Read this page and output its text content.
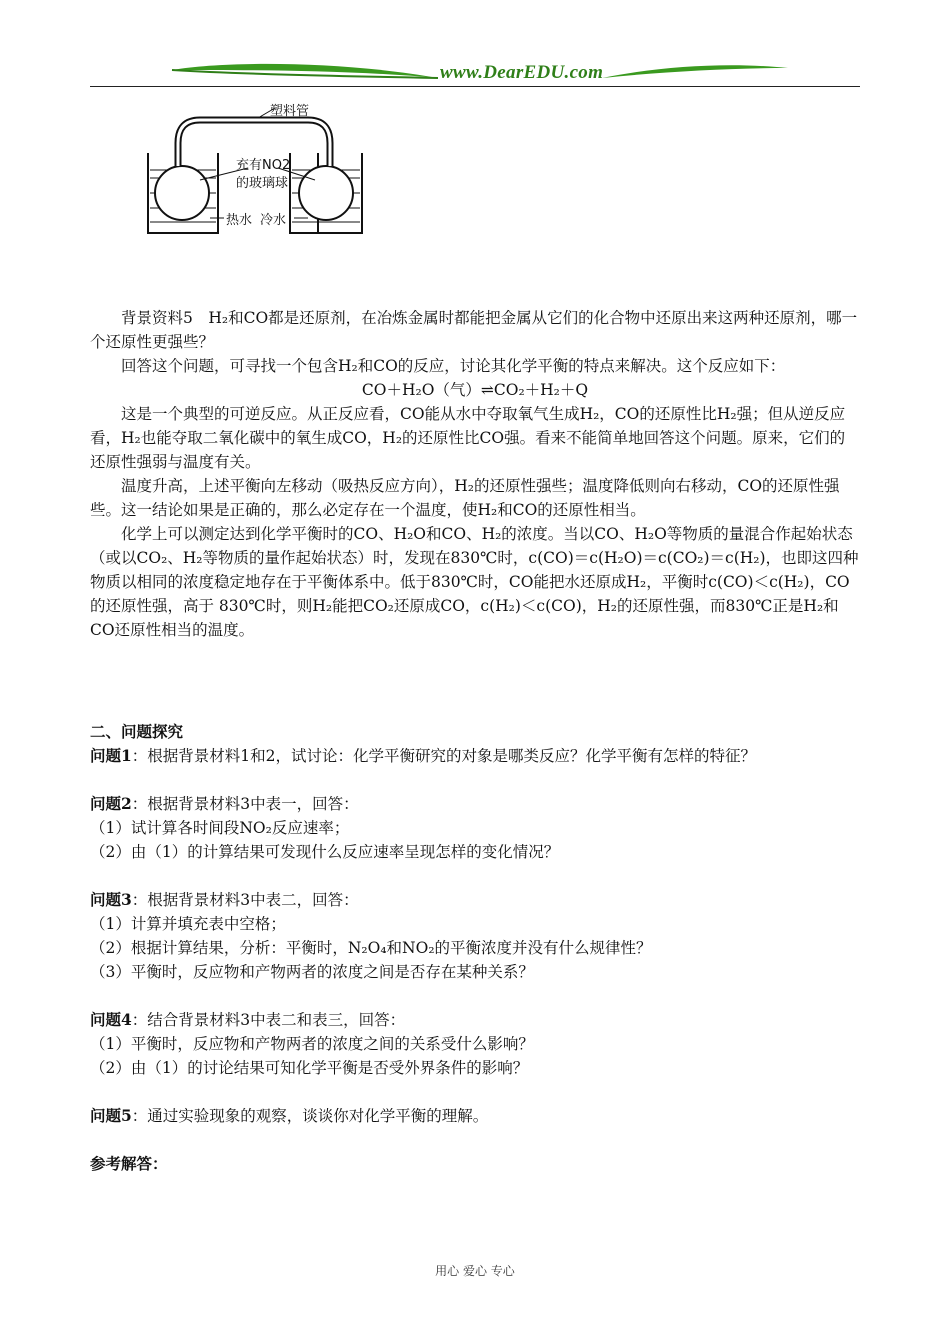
www.DearEDU.com
塑料管
充有NO2
的玻璃球
热水 冷水

背景资料5　H₂和CO都是还原剂，在冶炼金属时都能把金属从它们的化合物中还原出来这两种还原剂，哪一个还原性更强些？

回答这个问题，可寻找一个包含H₂和CO的反应，讨论其化学平衡的特点来解决。这个反应如下：

CO＋H₂O（气）⇌CO₂＋H₂＋Q

这是一个典型的可逆反应。从正反应看，CO能从水中夺取氧气生成H₂，CO的还原性比H₂强；但从逆反应看，H₂也能夺取二氧化碳中的氧生成CO，H₂的还原性比CO强。看来不能简单地回答这个问题。原来，它们的还原性强弱与温度有关。

温度升高，上述平衡向左移动（吸热反应方向），H₂的还原性强些；温度降低则向右移动，CO的还原性强些。这一结论如果是正确的，那么必定存在一个温度，使H₂和CO的还原性相当。

化学上可以测定达到化学平衡时的CO、H₂O和CO、H₂的浓度。当以CO、H₂O等物质的量混合作起始状态（或以CO₂、H₂等物质的量作起始状态）时，发现在830℃时，c(CO)＝c(H₂O)＝c(CO₂)＝c(H₂)，也即这四种物质以相同的浓度稳定地存在于平衡体系中。低于830℃时，CO能把水还原成H₂，平衡时c(CO)＜c(H₂)，CO的还原性强，高于 830℃时，则H₂能把CO₂还原成CO，c(H₂)＜c(CO)，H₂的还原性强，而830℃正是H₂和CO还原性相当的温度。

二、问题探究

问题1：根据背景材料1和2，试讨论：化学平衡研究的对象是哪类反应？化学平衡有怎样的特征？

问题2：根据背景材料3中表一，回答：

（1）试计算各时间段NO₂反应速率；

（2）由（1）的计算结果可发现什么反应速率呈现怎样的变化情况？

问题3：根据背景材料3中表二，回答：

（1）计算并填充表中空格；

（2）根据计算结果，分析：平衡时，N₂O₄和NO₂的平衡浓度并没有什么规律性？

（3）平衡时，反应物和产物两者的浓度之间是否存在某种关系？

问题4：结合背景材料3中表二和表三，回答：

（1）平衡时，反应物和产物两者的浓度之间的关系受什么影响？

（2）由（1）的讨论结果可知化学平衡是否受外界条件的影响？

问题5：通过实验现象的观察，谈谈你对化学平衡的理解。

参考解答：

用心 爱心 专心
